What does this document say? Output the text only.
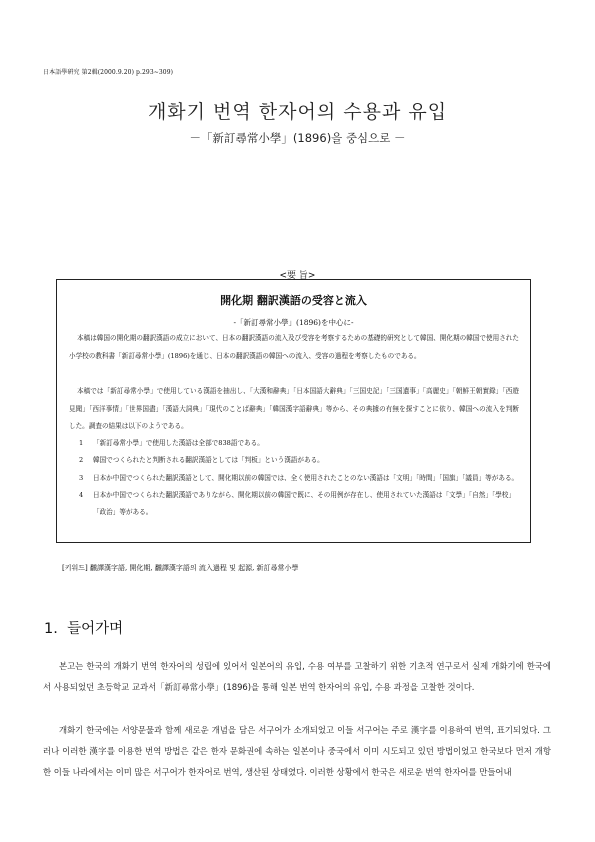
日本語學硏究 第2輯(2000.9.20) p.293~309)
개화기 번역 한자어의 수용과 유입
－「新訂尋常小學」(1896)을 중심으로 －
<要 旨>
開化期 翻訳漢語の受容と流入
-「新訂尋常小學」(1896)を中心に-

本稿は韓国の開化期の翻訳漢語の成立において、日本の翻訳漢語の流入及び受容を考察するための基礎的研究として韓国、開化期の韓国で使用された小学校の教科書「新訂尋常小學」(1896)を通じ、日本の翻訳漢語の韓国への流入、受容の過程を考察したものである。

本稿では「新訂尋常小學」で使用している漢語を抽出し、「大漢和辭典」「日本国語大辭典」「三国史記」「三国遺事」「高麗史」「朝鮮王朝實錄」「西遊見聞」「西洋事情」「世界国盡」「漢語大詞典」「現代のことば辭典」「韓国漢字語辭典」等から、その典據の有無を探すことに依り、韓国への流入を判断した。調査の結果は以下のようである。

1 「新訂尋常小學」で使用した漢語は全部で838語である。
2 韓国でつくられたと判断される翻訳漢語としては「判板」という漢語がある。
3 日本か中国でつくられた翻訳漢語として、開化期以前の韓国では、全く使用されたことのない漢語は「文明」「時間」「国旗」「議員」等がある。
4 日本か中国でつくられた翻訳漢語でありながら、開化期以前の韓国で既に、その用例が存在し、使用されていた漢語は「文學」「自然」「學校」「政治」等がある。
[키워드] 飜譯漢字語, 開化期, 飜譯漢字語의 流入過程 및 起源, 新訂尋常小學
1. 들어가며

본고는 한국의 개화기 번역 한자어의 성립에 있어서 일본어의 유입, 수용 여부를 고찰하기 위한 기초적 연구로서 실제 개화기에 한국에서 사용되었던 초등학교 교과서「新訂尋常小學」(1896)을 통해 일본 번역 한자어의 유입, 수용 과정을 고찰한 것이다.

개화기 한국에는 서양문물과 함께 새로운 개념을 담은 서구어가 소개되었고 이들 서구어는 주로 漢字를 이용하여 번역, 표기되었다. 그러나 이러한 漢字를 이용한 번역 방법은 같은 한자 문화권에 속하는 일본이나 중국에서 이미 시도되고 있던 방법이었고 한국보다 먼저 개항한 이들 나라에서는 이미 많은 서구어가 한자어로 번역, 생산된 상태였다. 이러한 상황에서 한국은 새로운 번역 한자어를 만들어내
